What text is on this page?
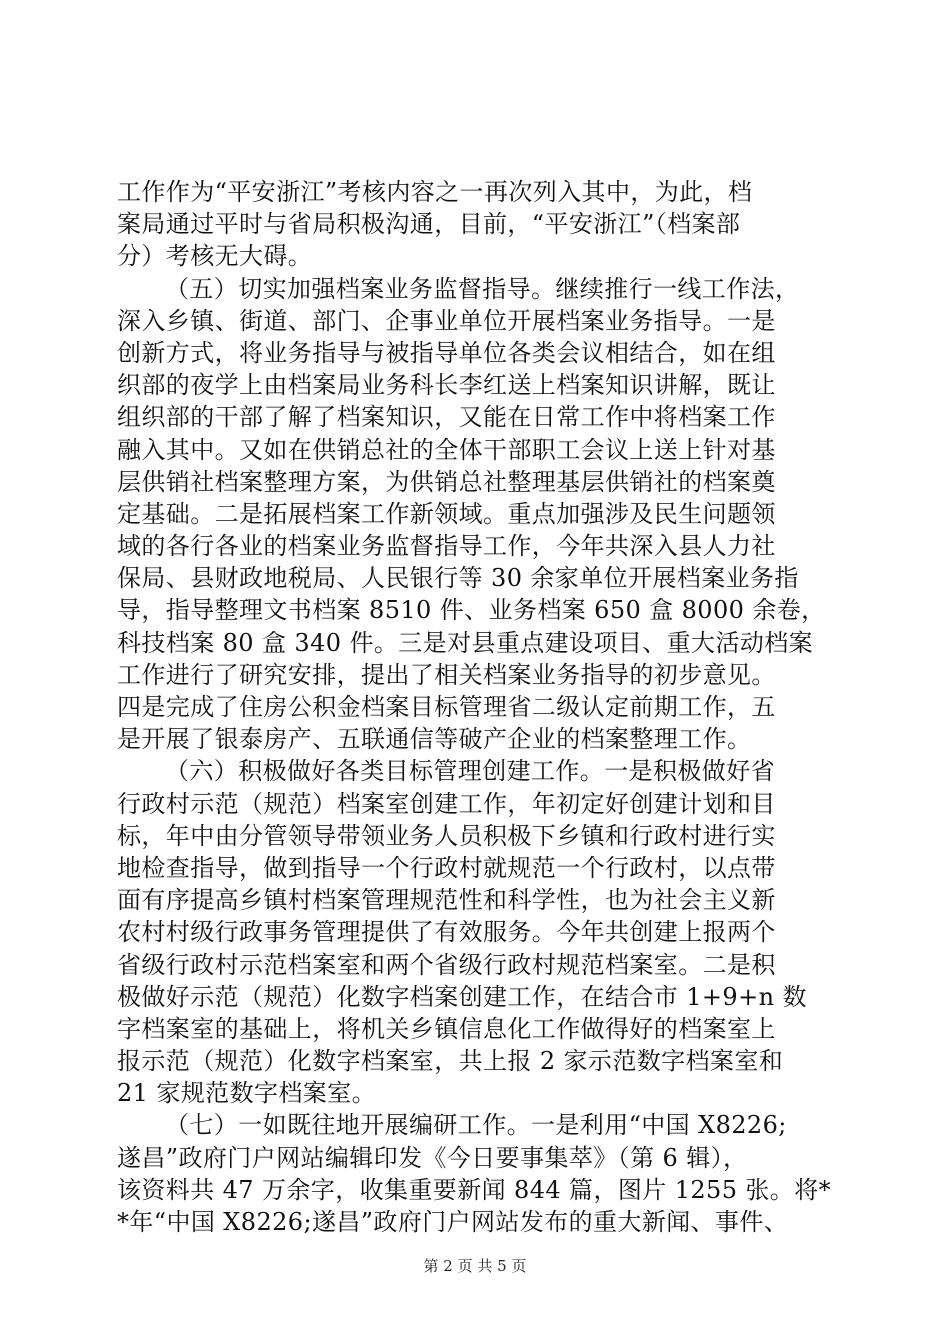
工作作为“平安浙江”考核内容之一再次列入其中，为此，档
案局通过平时与省局积极沟通，目前，“平安浙江”（档案部
分）考核无大碍。
（五）切实加强档案业务监督指导。继续推行一线工作法，
深入乡镇、街道、部门、企事业单位开展档案业务指导。一是
创新方式，将业务指导与被指导单位各类会议相结合，如在组
织部的夜学上由档案局业务科长李红送上档案知识讲解，既让
组织部的干部了解了档案知识，又能在日常工作中将档案工作
融入其中。又如在供销总社的全体干部职工会议上送上针对基
层供销社档案整理方案，为供销总社整理基层供销社的档案奠
定基础。二是拓展档案工作新领域。重点加强涉及民生问题领
域的各行各业的档案业务监督指导工作，今年共深入县人力社
保局、县财政地税局、人民银行等 30 余家单位开展档案业务指
导，指导整理文书档案 8510 件、业务档案 650 盒 8000 余卷，
科技档案 80 盒 340 件。三是对县重点建设项目、重大活动档案
工作进行了研究安排，提出了相关档案业务指导的初步意见。
四是完成了住房公积金档案目标管理省二级认定前期工作，五
是开展了银泰房产、五联通信等破产企业的档案整理工作。
（六）积极做好各类目标管理创建工作。一是积极做好省
行政村示范（规范）档案室创建工作，年初定好创建计划和目
标，年中由分管领导带领业务人员积极下乡镇和行政村进行实
地检查指导，做到指导一个行政村就规范一个行政村，以点带
面有序提高乡镇村档案管理规范性和科学性，也为社会主义新
农村村级行政事务管理提供了有效服务。今年共创建上报两个
省级行政村示范档案室和两个省级行政村规范档案室。二是积
极做好示范（规范）化数字档案创建工作，在结合市 1+9+n 数
字档案室的基础上，将机关乡镇信息化工作做得好的档案室上
报示范（规范）化数字档案室，共上报 2 家示范数字档案室和
21 家规范数字档案室。
（七）一如既往地开展编研工作。一是利用“中国 X8226;
遂昌”政府门户网站编辑印发《今日要事集萃》（第 6 辑），
该资料共 47 万余字，收集重要新闻 844 篇，图片 1255 张。将*
*年“中国 X8226;遂昌”政府门户网站发布的重大新闻、事件、
第 2 页 共 5 页
